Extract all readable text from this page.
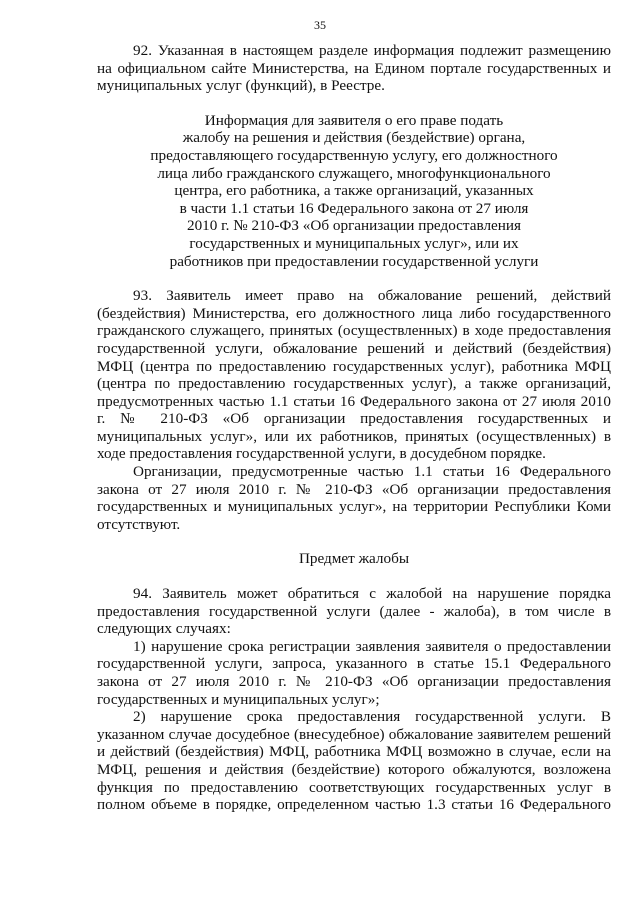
35

92. Указанная в настоящем разделе информация подлежит размещению на официальном сайте Министерства, на Едином портале государственных и муниципальных услуг (функций), в Реестре.

Информация для заявителя о его праве подать
жалобу на решения и действия (бездействие) органа,
предоставляющего государственную услугу, его должностного
лица либо гражданского служащего, многофункционального
центра, его работника, а также организаций, указанных
в части 1.1 статьи 16 Федерального закона от 27 июля
2010 г. № 210-ФЗ «Об организации предоставления
государственных и муниципальных услуг», или их
работников при предоставлении государственной услуги

93. Заявитель имеет право на обжалование решений, действий (бездействия) Министерства, его должностного лица либо государственного гражданского служащего, принятых (осуществленных) в ходе предоставления государственной услуги, обжалование решений и действий (бездействия) МФЦ (центра по предоставлению государственных услуг), работника МФЦ (центра по предоставлению государственных услуг), а также организаций, предусмотренных частью 1.1 статьи 16 Федерального закона от 27 июля 2010 г. № 210-ФЗ «Об организации предоставления государственных и муниципальных услуг», или их работников, принятых (осуществленных) в ходе предоставления государственной услуги, в досудебном порядке.

Организации, предусмотренные частью 1.1 статьи 16 Федерального закона от 27 июля 2010 г. № 210-ФЗ «Об организации предоставления государственных и муниципальных услуг», на территории Республики Коми отсутствуют.

Предмет жалобы

94. Заявитель может обратиться с жалобой на нарушение порядка предоставления государственной услуги (далее - жалоба), в том числе в следующих случаях:

1) нарушение срока регистрации заявления заявителя о предоставлении государственной услуги, запроса, указанного в статье 15.1 Федерального закона от 27 июля 2010 г. № 210-ФЗ «Об организации предоставления государственных и муниципальных услуг»;

2) нарушение срока предоставления государственной услуги. В указанном случае досудебное (внесудебное) обжалование заявителем решений и действий (бездействия) МФЦ, работника МФЦ возможно в случае, если на МФЦ, решения и действия (бездействие) которого обжалуются, возложена функция по предоставлению соответствующих государственных услуг в полном объеме в порядке, определенном частью 1.3 статьи 16 Федерального
